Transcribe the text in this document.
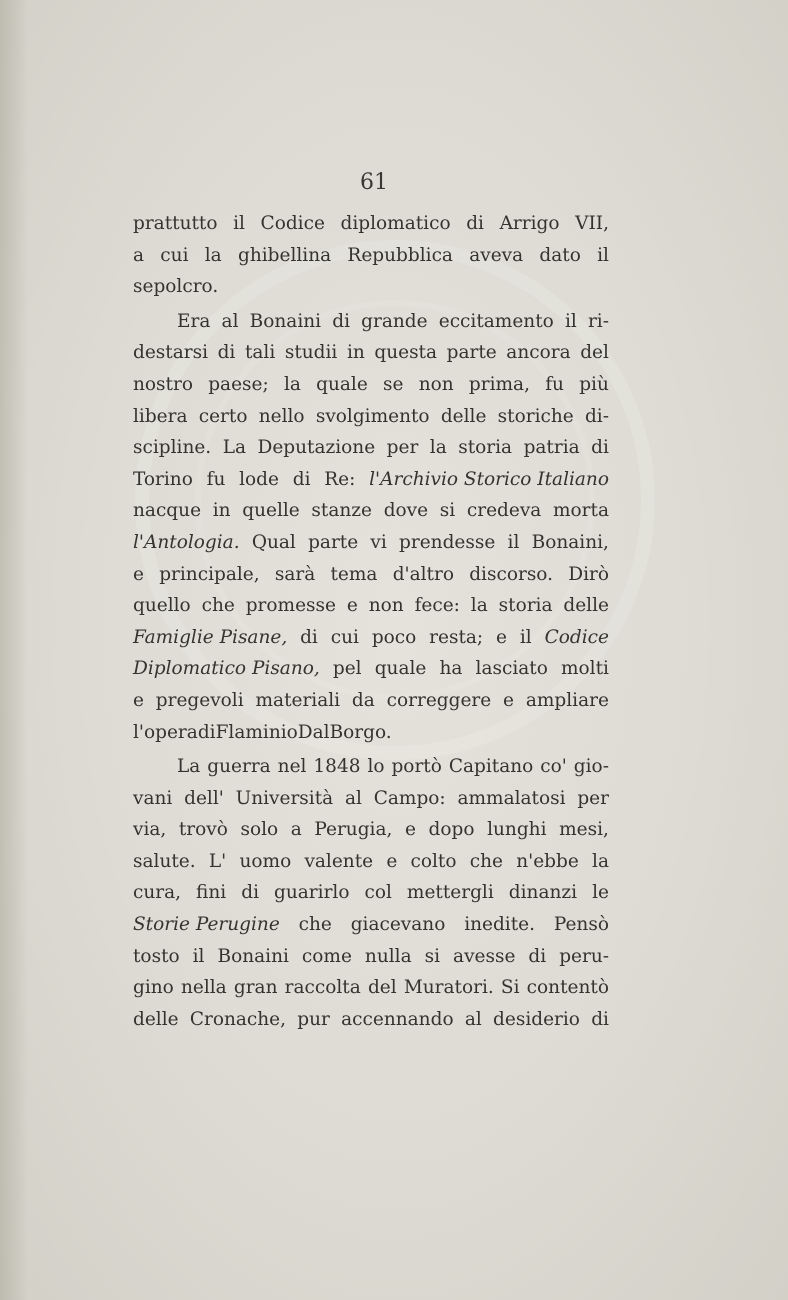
61
prattutto il Codice diplomatico di Arrigo VII,
a cui la ghibellina Repubblica aveva dato il
sepolcro.
Era al Bonaini di grande eccitamento il ri-
destarsi di tali studii in questa parte ancora del
nostro paese; la quale se non prima, fu più
libera certo nello svolgimento delle storiche di-
scipline. La Deputazione per la storia patria di
Torino fu lode di Re: l'Archivio Storico Italiano
nacque in quelle stanze dove si credeva morta
l'Antologia. Qual parte vi prendesse il Bonaini,
e principale, sarà tema d'altro discorso. Dirò
quello che promesse e non fece: la storia delle
Famiglie Pisane, di cui poco resta; e il Codice
Diplomatico Pisano, pel quale ha lasciato molti
e pregevoli materiali da correggere e ampliare
l'opera di Flaminio Dal Borgo.
La guerra nel 1848 lo portò Capitano co' gio-
vani dell' Università al Campo: ammalatosi per
via, trovò solo a Perugia, e dopo lunghi mesi,
salute. L' uomo valente e colto che n'ebbe la
cura, fini di guarirlo col mettergli dinanzi le
Storie Perugine che giacevano inedite. Pensò
tosto il Bonaini come nulla si avesse di peru-
gino nella gran raccolta del Muratori. Si contentò
delle Cronache, pur accennando al desiderio di
